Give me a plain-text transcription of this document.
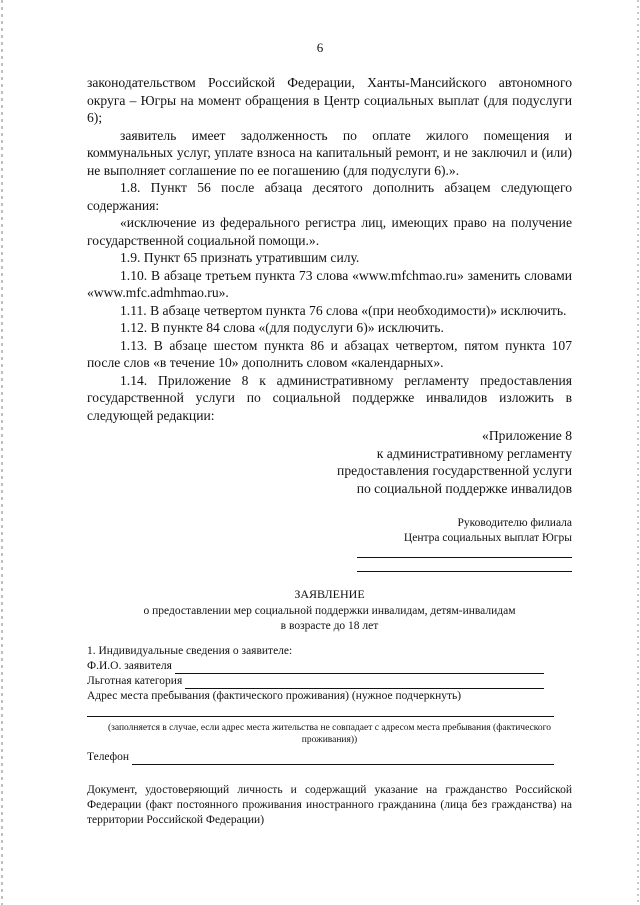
6

законодательством Российской Федерации, Ханты-Мансийского автономного округа – Югры на момент обращения в Центр социальных выплат (для подуслуги 6);

заявитель имеет задолженность по оплате жилого помещения и коммунальных услуг, уплате взноса на капитальный ремонт, и не заключил и (или) не выполняет соглашение по ее погашению (для подуслуги 6).».

1.8. Пункт 56 после абзаца десятого дополнить абзацем следующего содержания:

«исключение из федерального регистра лиц, имеющих право на получение государственной социальной помощи.».

1.9. Пункт 65 признать утратившим силу.

1.10. В абзаце третьем пункта 73 слова «www.mfchmao.ru» заменить словами «www.mfc.admhmao.ru».

1.11. В абзаце четвертом пункта 76 слова «(при необходимости)» исключить.

1.12. В пункте 84 слова «(для подуслуги 6)» исключить.

1.13. В абзаце шестом пункта 86 и абзацах четвертом, пятом пункта 107 после слов «в течение 10» дополнить словом «календарных».

1.14. Приложение 8 к административному регламенту предоставления государственной услуги по социальной поддержке инвалидов изложить в следующей редакции:

«Приложение 8

к административному регламенту

предоставления государственной услуги

по социальной поддержке инвалидов

Руководителю филиала

Центра социальных выплат Югры

ЗАЯВЛЕНИЕ

о предоставлении мер социальной поддержки инвалидам, детям-инвалидам

в возрасте до 18 лет

1. Индивидуальные сведения о заявителе:

Ф.И.О. заявителя
Льготная категория
Адрес места пребывания (фактического проживания) (нужное подчеркнуть)

(заполняется в случае, если адрес места жительства не совпадает с адресом места пребывания (фактического проживания))

Телефон

Документ, удостоверяющий личность и содержащий указание на гражданство Российской Федерации (факт постоянного проживания иностранного гражданина (лица без гражданства) на территории Российской Федерации)
